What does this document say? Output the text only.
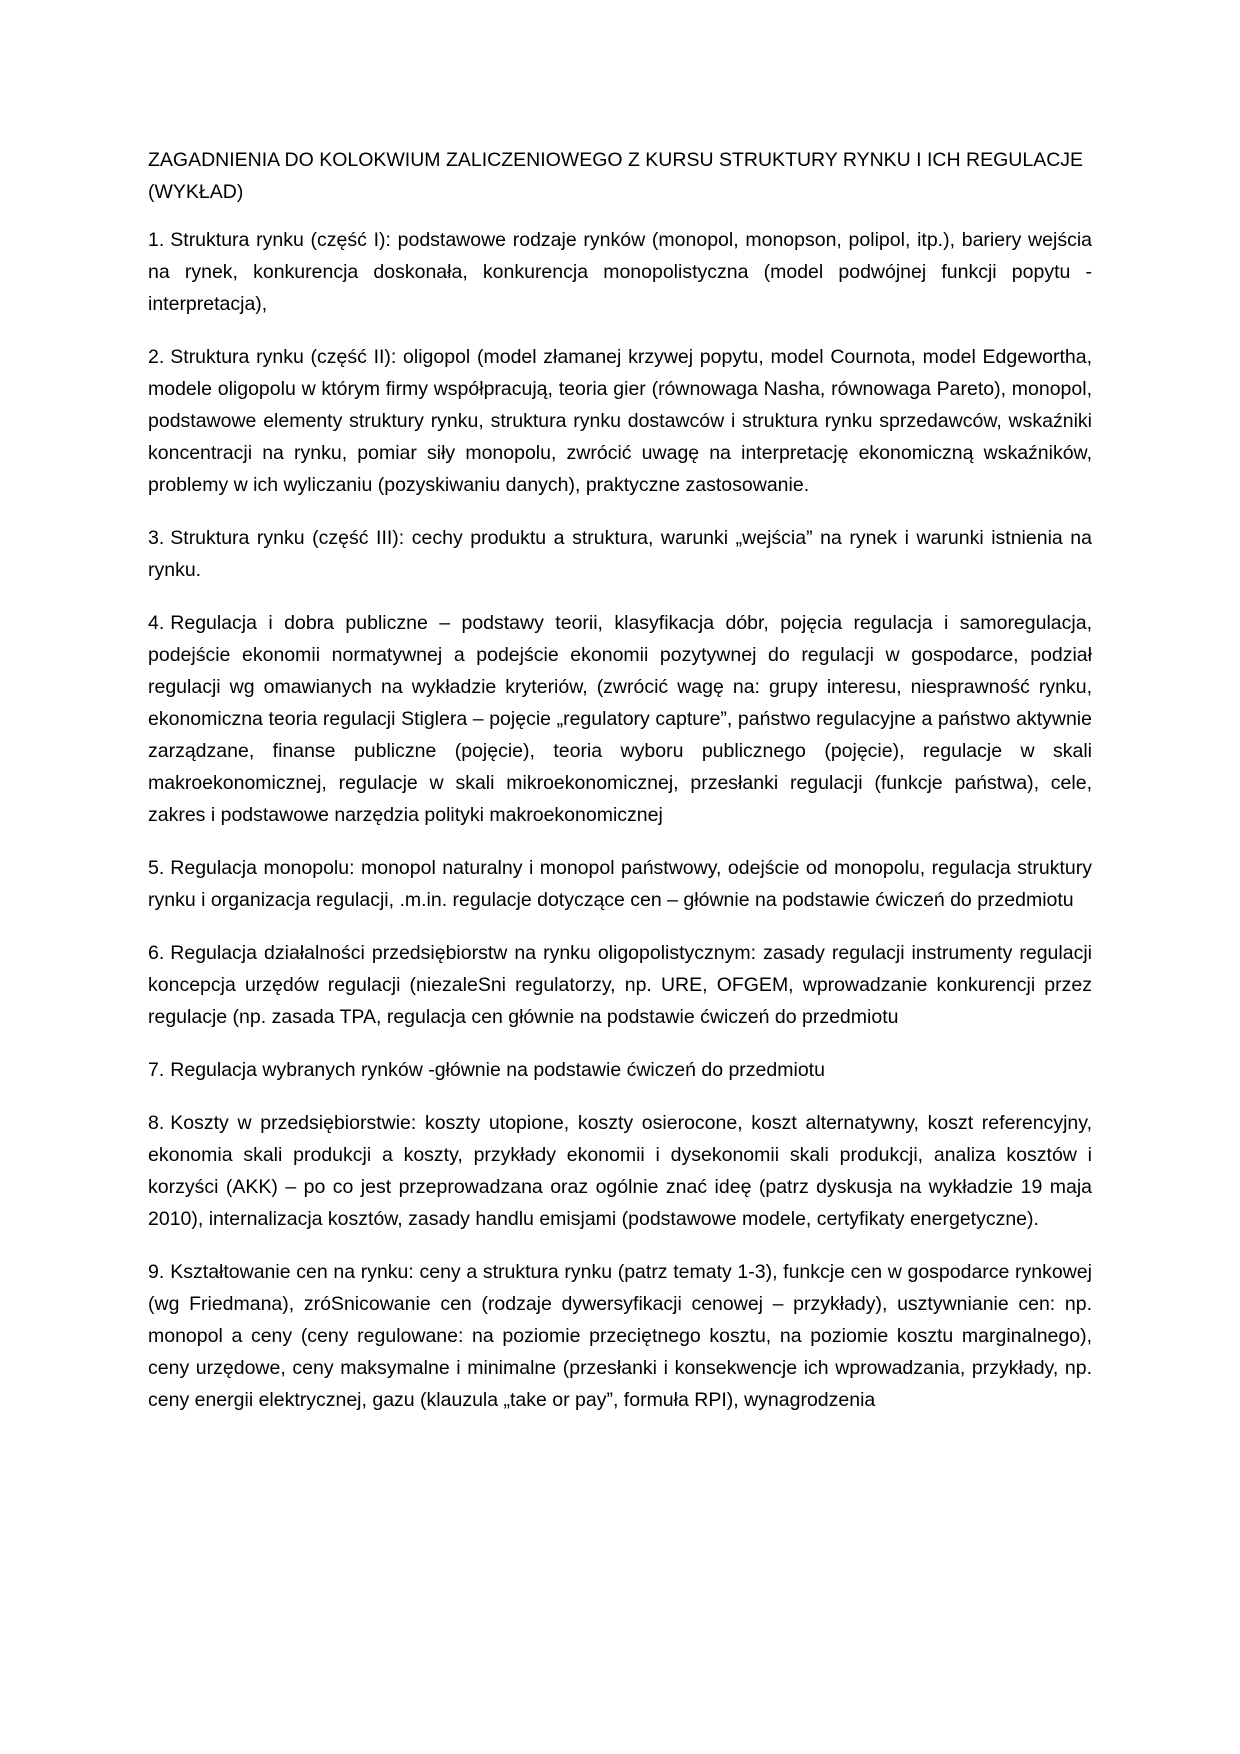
ZAGADNIENIA DO KOLOKWIUM ZALICZENIOWEGO Z KURSU STRUKTURY RYNKU I ICH REGULACJE (WYKŁAD)

1. Struktura rynku (część I): podstawowe rodzaje rynków (monopol, monopson, polipol, itp.), bariery wejścia na rynek, konkurencja doskonała, konkurencja monopolistyczna (model podwójnej funkcji popytu -interpretacja),
2. Struktura rynku (część II): oligopol (model złamanej krzywej popytu, model Cournota, model Edgewortha, modele oligopolu w którym firmy współpracują, teoria gier (równowaga Nasha, równowaga Pareto), monopol, podstawowe elementy struktury rynku, struktura rynku dostawców i struktura rynku sprzedawców, wskaźniki koncentracji na rynku, pomiar siły monopolu, zwrócić uwagę na interpretację ekonomiczną wskaźników, problemy w ich wyliczaniu (pozyskiwaniu danych), praktyczne zastosowanie.
3. Struktura rynku (część III): cechy produktu a struktura, warunki „wejścia” na rynek i warunki istnienia na rynku.
4. Regulacja i dobra publiczne – podstawy teorii, klasyfikacja dóbr, pojęcia regulacja i samoregulacja, podejście ekonomii normatywnej a podejście ekonomii pozytywnej do regulacji w gospodarce, podział regulacji wg omawianych na wykładzie kryteriów, (zwrócić wagę na: grupy interesu, niesprawność rynku, ekonomiczna teoria regulacji Stiglera – pojęcie „regulatory capture”, państwo regulacyjne a państwo aktywnie zarządzane, finanse publiczne (pojęcie), teoria wyboru publicznego (pojęcie), regulacje w skali makroekonomicznej, regulacje w skali mikroekonomicznej, przesłanki regulacji (funkcje państwa), cele, zakres i podstawowe narzędzia polityki makroekonomicznej
5. Regulacja monopolu: monopol naturalny i monopol państwowy, odejście od monopolu, regulacja struktury rynku i organizacja regulacji, .m.in. regulacje dotyczące cen – głównie na podstawie ćwiczeń do przedmiotu
6. Regulacja działalności przedsiębiorstw na rynku oligopolistycznym: zasady regulacji instrumenty regulacji koncepcja urzędów regulacji (niezaleSni regulatorzy, np. URE, OFGEM, wprowadzanie konkurencji przez regulacje (np. zasada TPA, regulacja cen głównie na podstawie ćwiczeń do przedmiotu
7. Regulacja wybranych rynków -głównie na podstawie ćwiczeń do przedmiotu
8. Koszty w przedsiębiorstwie: koszty utopione, koszty osierocone, koszt alternatywny, koszt referencyjny, ekonomia skali produkcji a koszty, przykłady ekonomii i dysekonomii skali produkcji, analiza kosztów i korzyści (AKK) – po co jest przeprowadzana oraz ogólnie znać ideę (patrz dyskusja na wykładzie 19 maja 2010), internalizacja kosztów, zasady handlu emisjami (podstawowe modele, certyfikaty energetyczne).
9. Kształtowanie cen na rynku: ceny a struktura rynku (patrz tematy 1-3), funkcje cen w gospodarce rynkowej (wg Friedmana), zróSnicowanie cen (rodzaje dywersyfikacji cenowej – przykłady), usztywnianie cen: np. monopol a ceny (ceny regulowane: na poziomie przeciętnego kosztu, na poziomie kosztu marginalnego), ceny urzędowe, ceny maksymalne i minimalne (przesłanki i konsekwencje ich wprowadzania, przykłady, np. ceny energii elektrycznej, gazu (klauzula „take or pay”, formuła RPI), wynagrodzenia
